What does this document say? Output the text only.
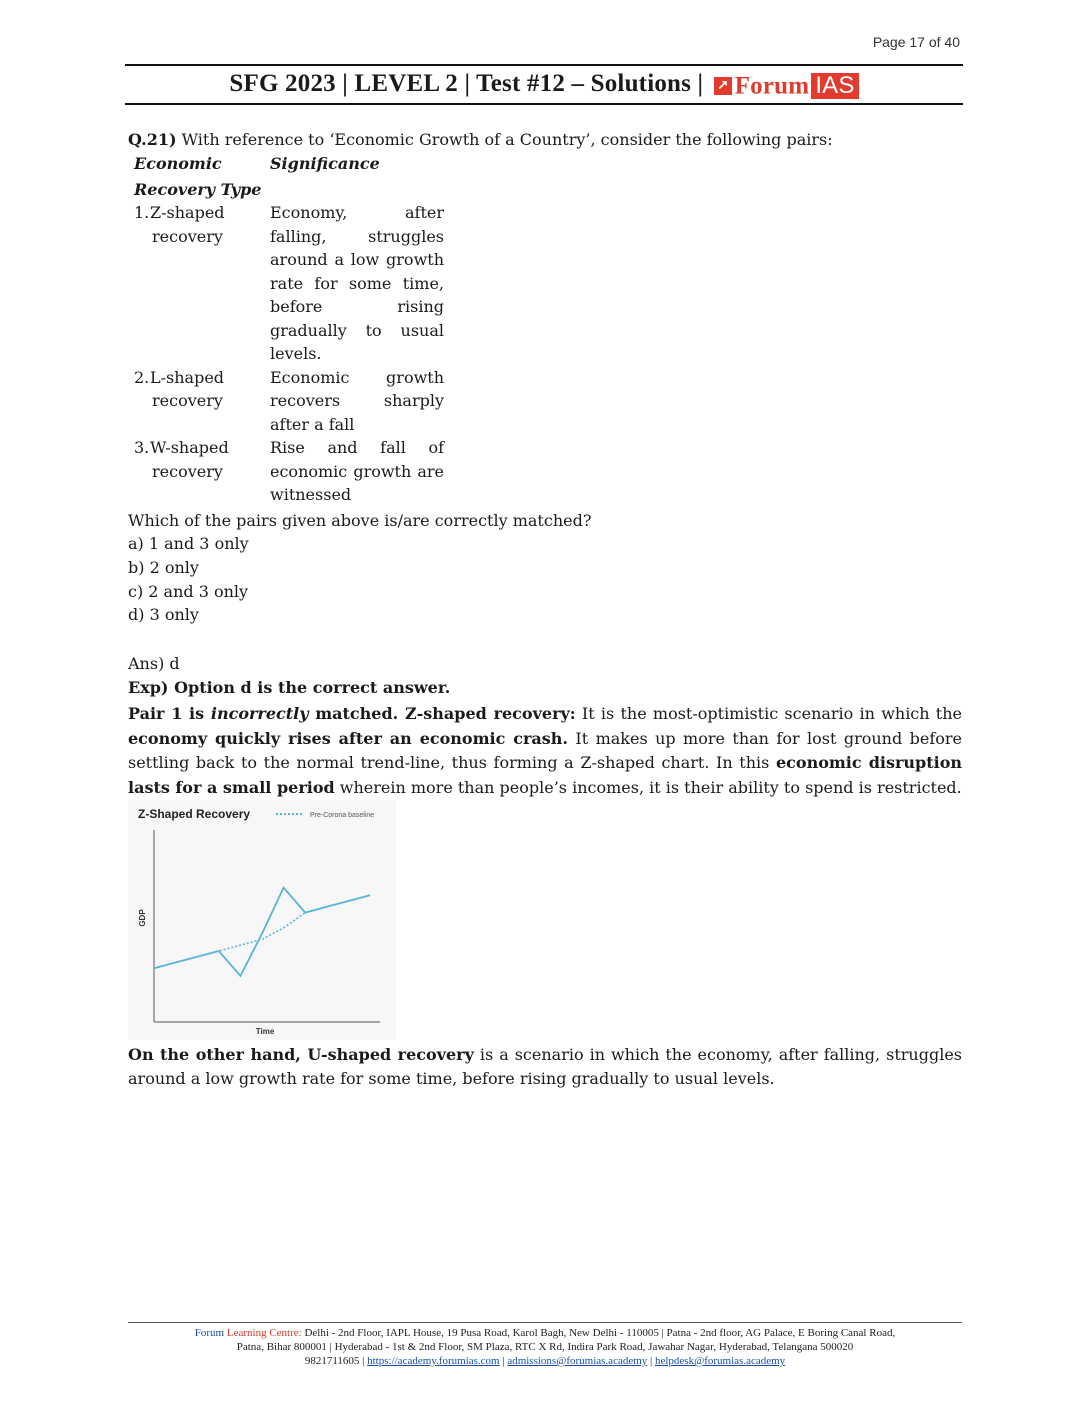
Page 17 of 40
SFG 2023 | LEVEL 2 | Test #12 – Solutions | ↗ Forum IAS
Q.21) With reference to ‘Economic Growth of a Country’, consider the following pairs:
Economic
Recovery Type	Significance

1.Z-shaped
recovery	Economy, after falling, struggles around a low growth rate for some time, before rising gradually to usual levels.

2.L-shaped
recovery	Economic growth recovers sharply after a fall

3.W-shaped
recovery	Rise and fall of economic growth are witnessed
Which of the pairs given above is/are correctly matched?
a) 1 and 3 only
b) 2 only
c) 2 and 3 only
d) 3 only
Ans) d
Exp) Option d is the correct answer.
Pair 1 is incorrectly matched. Z-shaped recovery: It is the most-optimistic scenario in which the economy quickly rises after an economic crash. It makes up more than for lost ground before settling back to the normal trend-line, thus forming a Z-shaped chart. In this economic disruption lasts for a small period wherein more than people’s incomes, it is their ability to spend is restricted.
Z-Shaped Recovery	Pre-Corona baseline
GDP
Time
On the other hand, U-shaped recovery is a scenario in which the economy, after falling, struggles around a low growth rate for some time, before rising gradually to usual levels.
Forum Learning Centre: Delhi - 2nd Floor, IAPL House, 19 Pusa Road, Karol Bagh, New Delhi - 110005 | Patna - 2nd floor, AG Palace, E Boring Canal Road,
Patna, Bihar 800001 | Hyderabad - 1st & 2nd Floor, SM Plaza, RTC X Rd, Indira Park Road, Jawahar Nagar, Hyderabad, Telangana 500020
9821711605 | https://academy.forumias.com | admissions@forumias.academy | helpdesk@forumias.academy
